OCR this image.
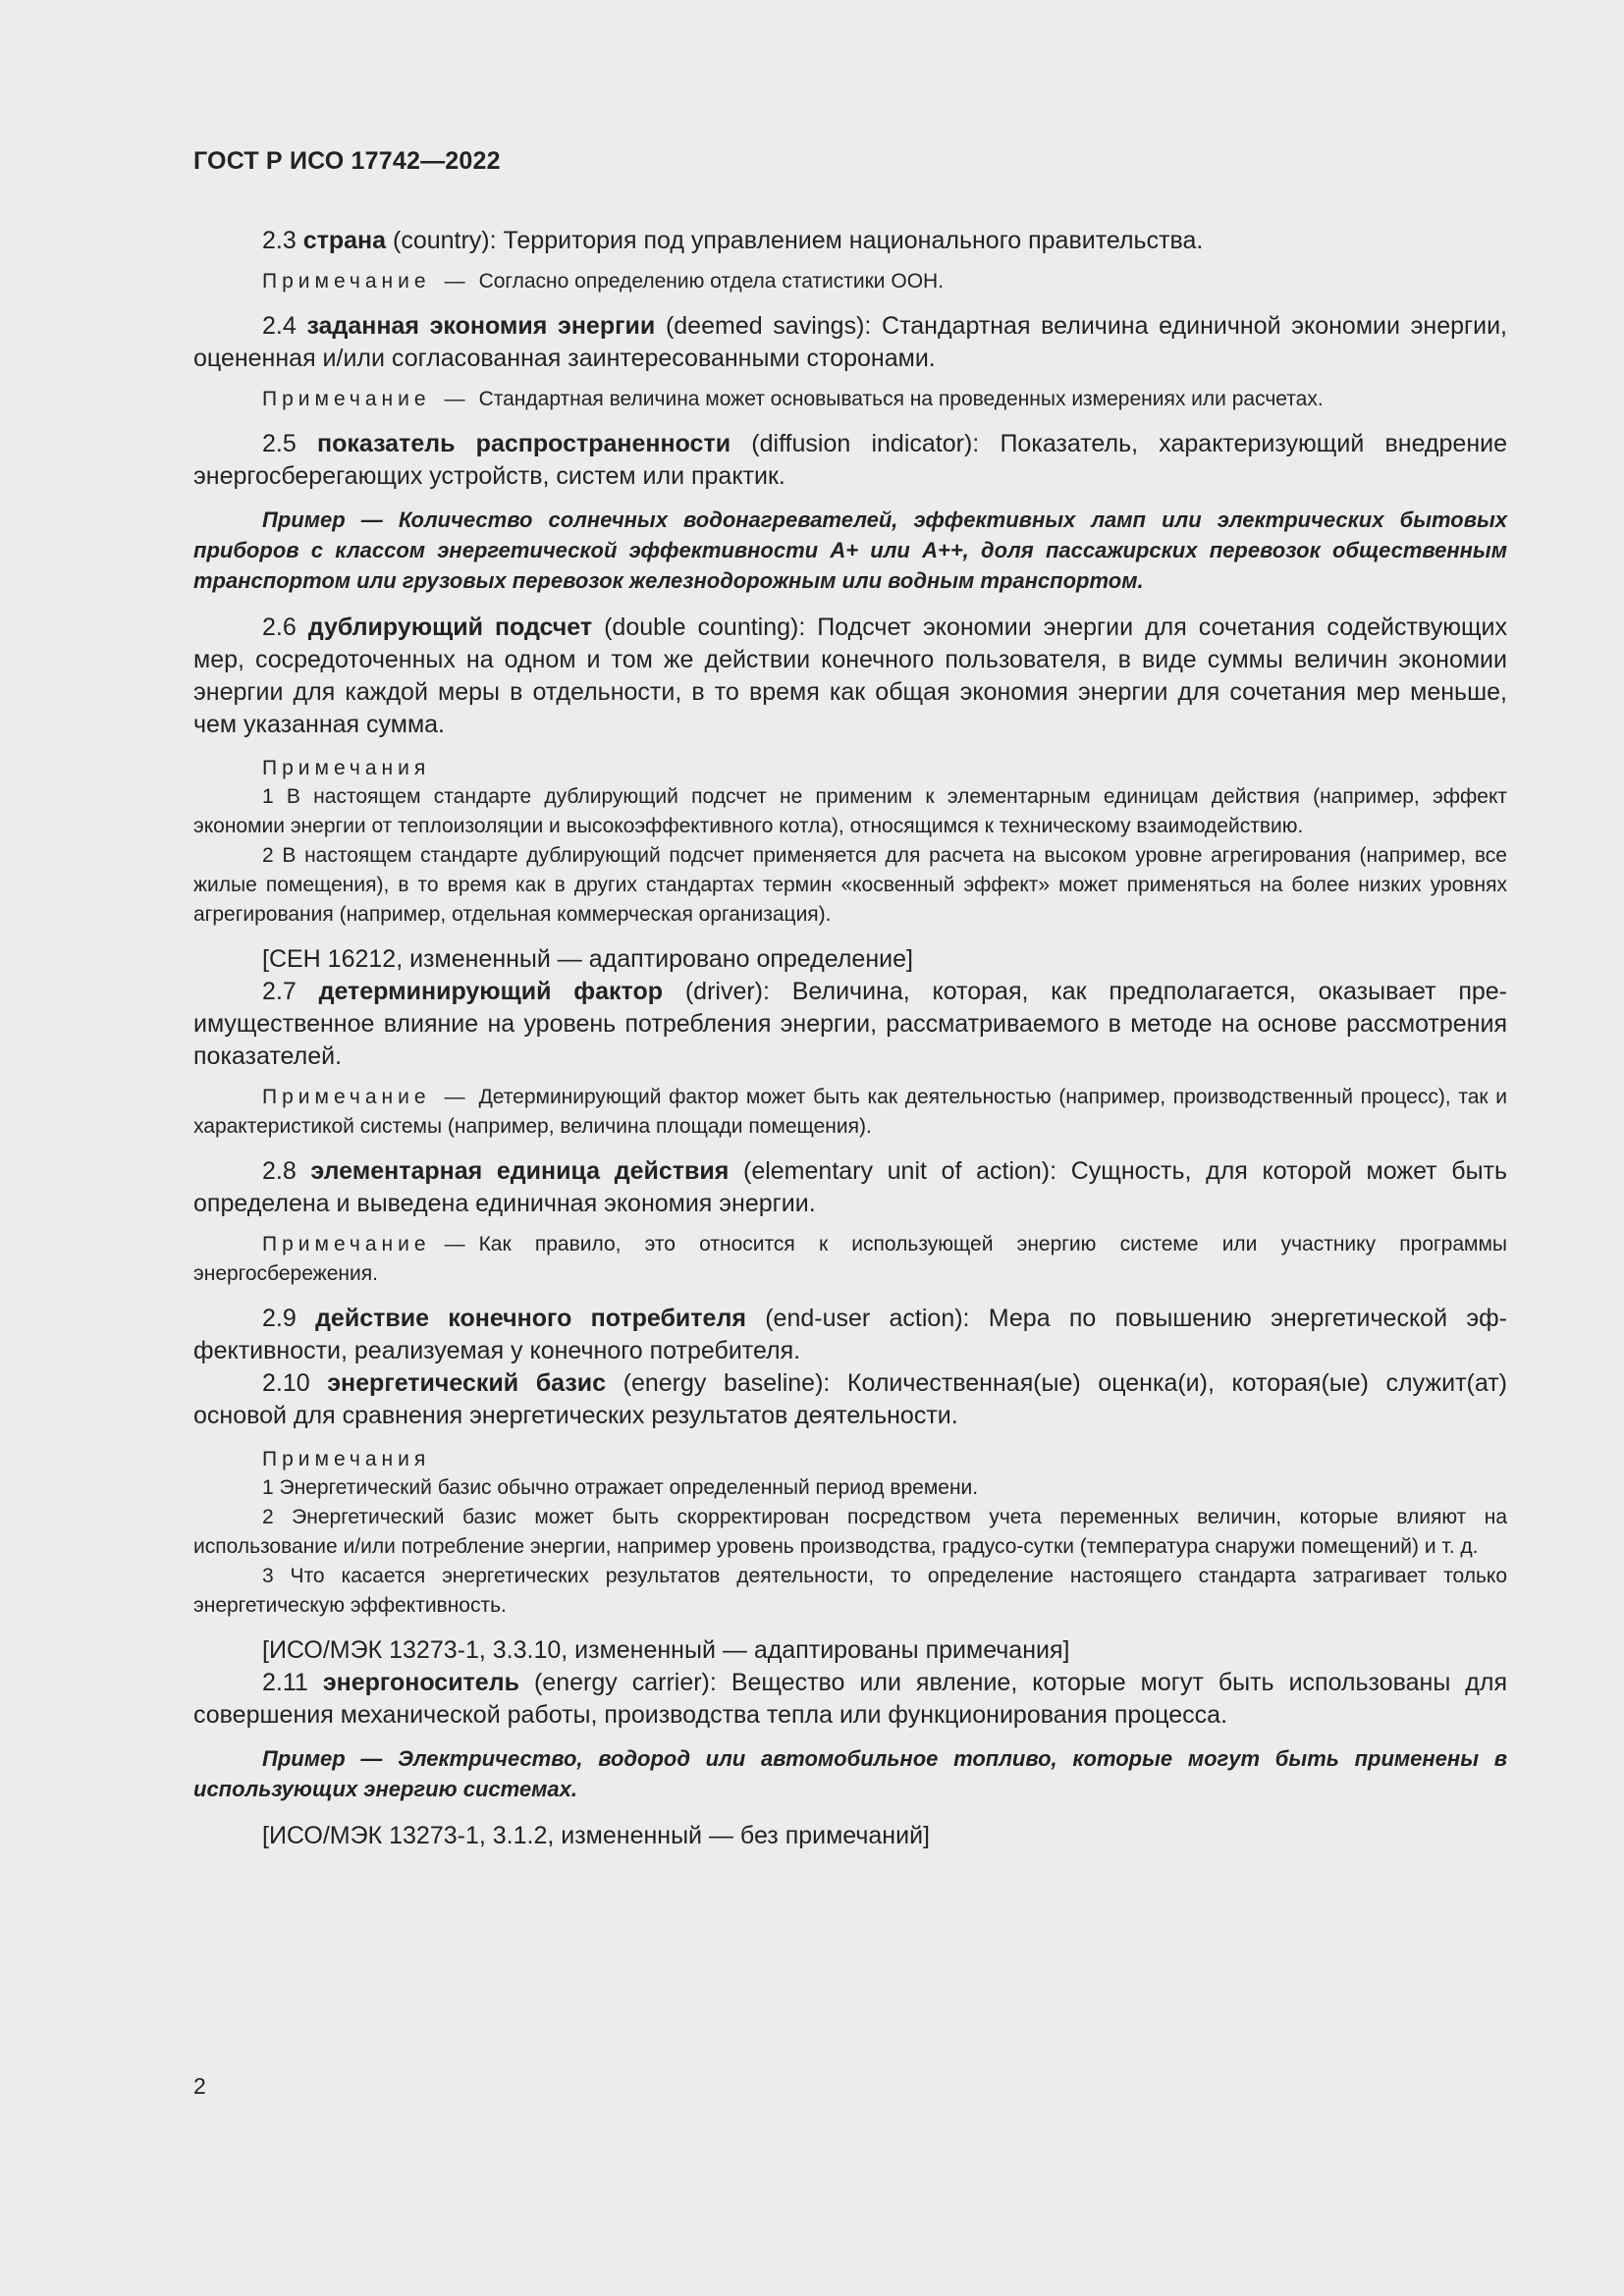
ГОСТ Р ИСО 17742—2022

2.3 страна (country): Территория под управлением национального правительства.

Примечание — Согласно определению отдела статистики ООН.

2.4 заданная экономия энергии (deemed savings): Стандартная величина единичной экономии энергии, оцененная и/или согласованная заинтересованными сторонами.

Примечание — Стандартная величина может основываться на проведенных измерениях или расчетах.

2.5 показатель распространенности (diffusion indicator): Показатель, характеризующий внедрение энергосберегающих устройств, систем или практик.

Пример — Количество солнечных водонагревателей, эффективных ламп или электрических бытовых приборов с классом энергетической эффективности A+ или A++, доля пассажирских перевозок общественным транспортом или грузовых перевозок железнодорожным или водным транспортом.

2.6 дублирующий подсчет (double counting): Подсчет экономии энергии для сочетания содействующих мер, сосредоточенных на одном и том же действии конечного пользователя, в виде суммы величин экономии энергии для каждой меры в отдельности, в то время как общая экономия энергии для сочетания мер меньше, чем указанная сумма.

Примечания

1 В настоящем стандарте дублирующий подсчет не применим к элементарным единицам действия (например, эффект экономии энергии от теплоизоляции и высокоэффективного котла), относящимся к техническому взаимодействию.

2 В настоящем стандарте дублирующий подсчет применяется для расчета на высоком уровне агрегирования (например, все жилые помещения), в то время как в других стандартах термин «косвенный эффект» может применяться на более низких уровнях агрегирования (например, отдельная коммерческая организация).

[CEH 16212, измененный — адаптировано определение]

2.7 детерминирующий фактор (driver): Величина, которая, как предполагается, оказывает преимущественное влияние на уровень потребления энергии, рассматриваемого в методе на основе рассмотрения показателей.

Примечание — Детерминирующий фактор может быть как деятельностью (например, производственный процесс), так и характеристикой системы (например, величина площади помещения).

2.8 элементарная единица действия (elementary unit of action): Сущность, для которой может быть определена и выведена единичная экономия энергии.

Примечание — Как правило, это относится к использующей энергию системе или участнику программы энергосбережения.

2.9 действие конечного потребителя (end-user action): Мера по повышению энергетической эффективности, реализуемая у конечного потребителя.

2.10 энергетический базис (energy baseline): Количественная(ые) оценка(и), которая(ые) служит(ат) основой для сравнения энергетических результатов деятельности.

Примечания

1 Энергетический базис обычно отражает определенный период времени.

2 Энергетический базис может быть скорректирован посредством учета переменных величин, которые влияют на использование и/или потребление энергии, например уровень производства, градусо-сутки (температура снаружи помещений) и т. д.

3 Что касается энергетических результатов деятельности, то определение настоящего стандарта затрагивает только энергетическую эффективность.

[ИСО/МЭК 13273-1, 3.3.10, измененный — адаптированы примечания]

2.11 энергоноситель (energy carrier): Вещество или явление, которые могут быть использованы для совершения механической работы, производства тепла или функционирования процесса.

Пример — Электричество, водород или автомобильное топливо, которые могут быть применены в использующих энергию системах.

[ИСО/МЭК 13273-1, 3.1.2, измененный — без примечаний]

2
